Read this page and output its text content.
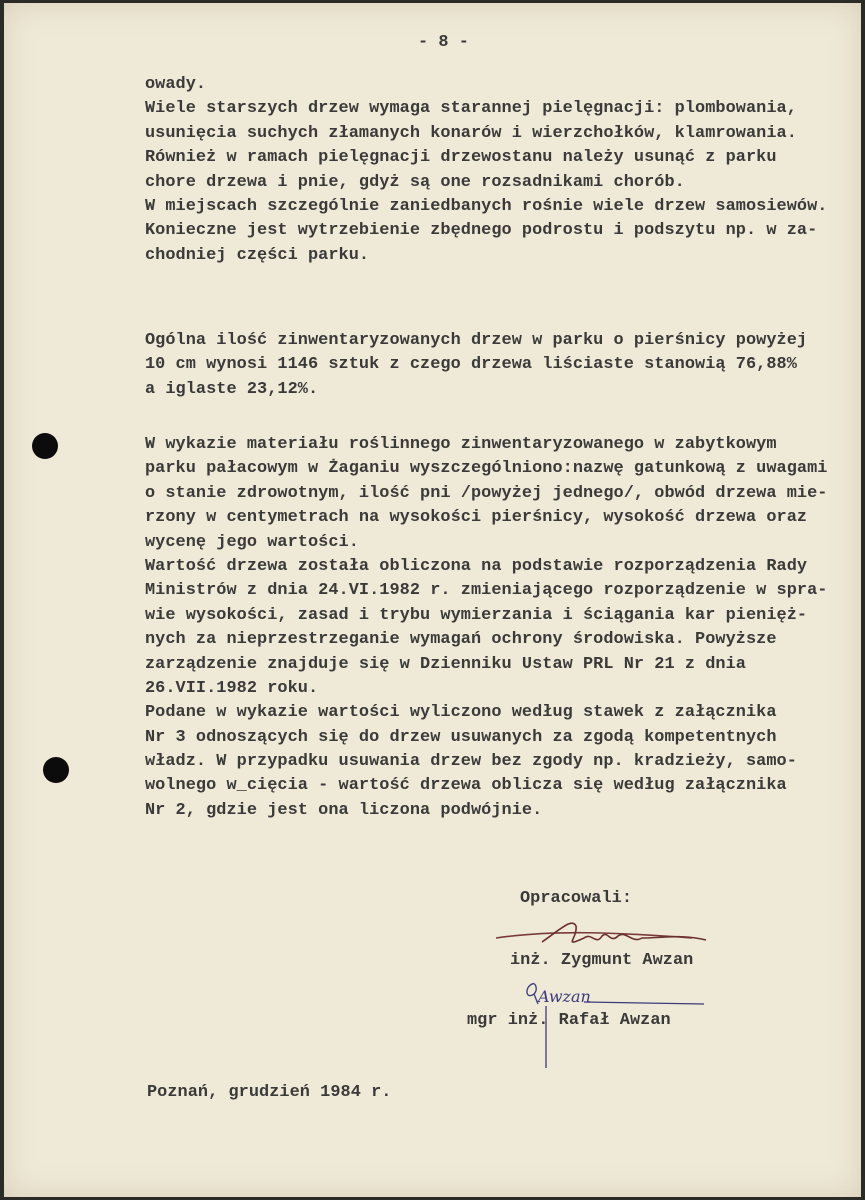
- 8 -
owady.
Wiele starszych drzew wymaga starannej pielęgnacji: plombowania,
usunięcia suchych złamanych konarów i wierzchołków, klamrowania.
Również w ramach pielęgnacji drzewostanu należy usunąć z parku
chore drzewa i pnie, gdyż są one rozsadnikami chorób.
W miejscach szczególnie zaniedbanych rośnie wiele drzew samosiewów.
Konieczne jest wytrzebienie zbędnego podrostu i podszytu np. w za-
chodniej części parku.
Ogólna ilość zinwentaryzowanych drzew w parku o pierśnicy powyżej
10 cm wynosi 1146 sztuk z czego drzewa liściaste stanowią 76,88%
a iglaste 23,12%.
W wykazie materiału roślinnego zinwentaryzowanego w zabytkowym
parku pałacowym w Żaganiu wyszczególniono:nazwę gatunkową z uwagami
o stanie zdrowotnym, ilość pni /powyżej jednego/, obwód drzewa mie-
rzony w centymetrach na wysokości pierśnicy, wysokość drzewa oraz
wycenę jego wartości.
Wartość drzewa została obliczona na podstawie rozporządzenia Rady
Ministrów z dnia 24.VI.1982 r. zmieniającego rozporządzenie w spra-
wie wysokości, zasad i trybu wymierzania i ściągania kar pienięż-
nych za nieprzestrzeganie wymagań ochrony środowiska. Powyższe
zarządzenie znajduje się w Dzienniku Ustaw PRL Nr 21 z dnia
26.VII.1982 roku.
Podane w wykazie wartości wyliczono według stawek z załącznika
Nr 3 odnoszących się do drzew usuwanych za zgodą kompetentnych
władz. W przypadku usuwania drzew bez zgody np. kradzieży, samo-
wolnego w_cięcia - wartość drzewa oblicza się według załącznika
Nr 2, gdzie jest ona liczona podwójnie.
Opracowali:
inż. Zygmunt Awzan
Awzan
mgr inż. Rafał Awzan
Poznań, grudzień 1984 r.
